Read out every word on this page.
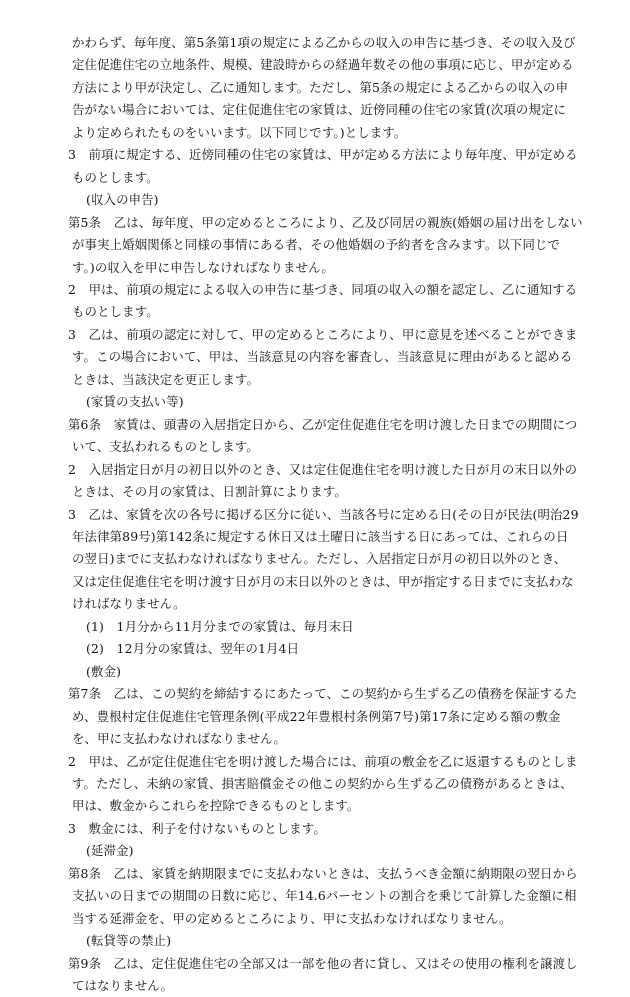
かわらず、毎年度、第5条第1項の規定による乙からの収入の申告に基づき、その収入及び
定住促進住宅の立地条件、規模、建設時からの経過年数その他の事項に応じ、甲が定める
方法により甲が決定し、乙に通知します。ただし、第5条の規定による乙からの収入の申
告がない場合においては、定住促進住宅の家賃は、近傍同種の住宅の家賃(次項の規定に
より定められたものをいいます。以下同じです。)とします。
3　前項に規定する、近傍同種の住宅の家賃は、甲が定める方法により毎年度、甲が定める
ものとします。
(収入の申告)
第5条　乙は、毎年度、甲の定めるところにより、乙及び同居の親族(婚姻の届け出をしない
が事実上婚姻関係と同様の事情にある者、その他婚姻の予約者を含みます。以下同じで
す。)の収入を甲に申告しなければなりません。
2　甲は、前項の規定による収入の申告に基づき、同項の収入の額を認定し、乙に通知する
ものとします。
3　乙は、前項の認定に対して、甲の定めるところにより、甲に意見を述べることができま
す。この場合において、甲は、当該意見の内容を審査し、当該意見に理由があると認める
ときは、当該決定を更正します。
(家賃の支払い等)
第6条　家賃は、頭書の入居指定日から、乙が定住促進住宅を明け渡した日までの期間につ
いて、支払われるものとします。
2　入居指定日が月の初日以外のとき、又は定住促進住宅を明け渡した日が月の末日以外の
ときは、その月の家賃は、日割計算によります。
3　乙は、家賃を次の各号に掲げる区分に従い、当該各号に定める日(その日が民法(明治29
年法律第89号)第142条に規定する休日又は土曜日に該当する日にあっては、これらの日
の翌日)までに支払わなければなりません。ただし、入居指定日が月の初日以外のとき、
又は定住促進住宅を明け渡す日が月の末日以外のときは、甲が指定する日までに支払わな
ければなりません。
(1)　1月分から11月分までの家賃は、毎月末日
(2)　12月分の家賃は、翌年の1月4日
(敷金)
第7条　乙は、この契約を締結するにあたって、この契約から生ずる乙の債務を保証するた
め、豊根村定住促進住宅管理条例(平成22年豊根村条例第7号)第17条に定める額の敷金
を、甲に支払わなければなりません。
2　甲は、乙が定住促進住宅を明け渡した場合には、前項の敷金を乙に返還するものとしま
す。ただし、未納の家賃、損害賠償金その他この契約から生ずる乙の債務があるときは、
甲は、敷金からこれらを控除できるものとします。
3　敷金には、利子を付けないものとします。
(延滞金)
第8条　乙は、家賃を納期限までに支払わないときは、支払うべき金額に納期限の翌日から
支払いの日までの期間の日数に応じ、年14.6パーセントの割合を乗じて計算した金額に相
当する延滞金を、甲の定めるところにより、甲に支払わなければなりません。
(転貸等の禁止)
第9条　乙は、定住促進住宅の全部又は一部を他の者に貸し、又はその使用の権利を譲渡し
てはなりません。
